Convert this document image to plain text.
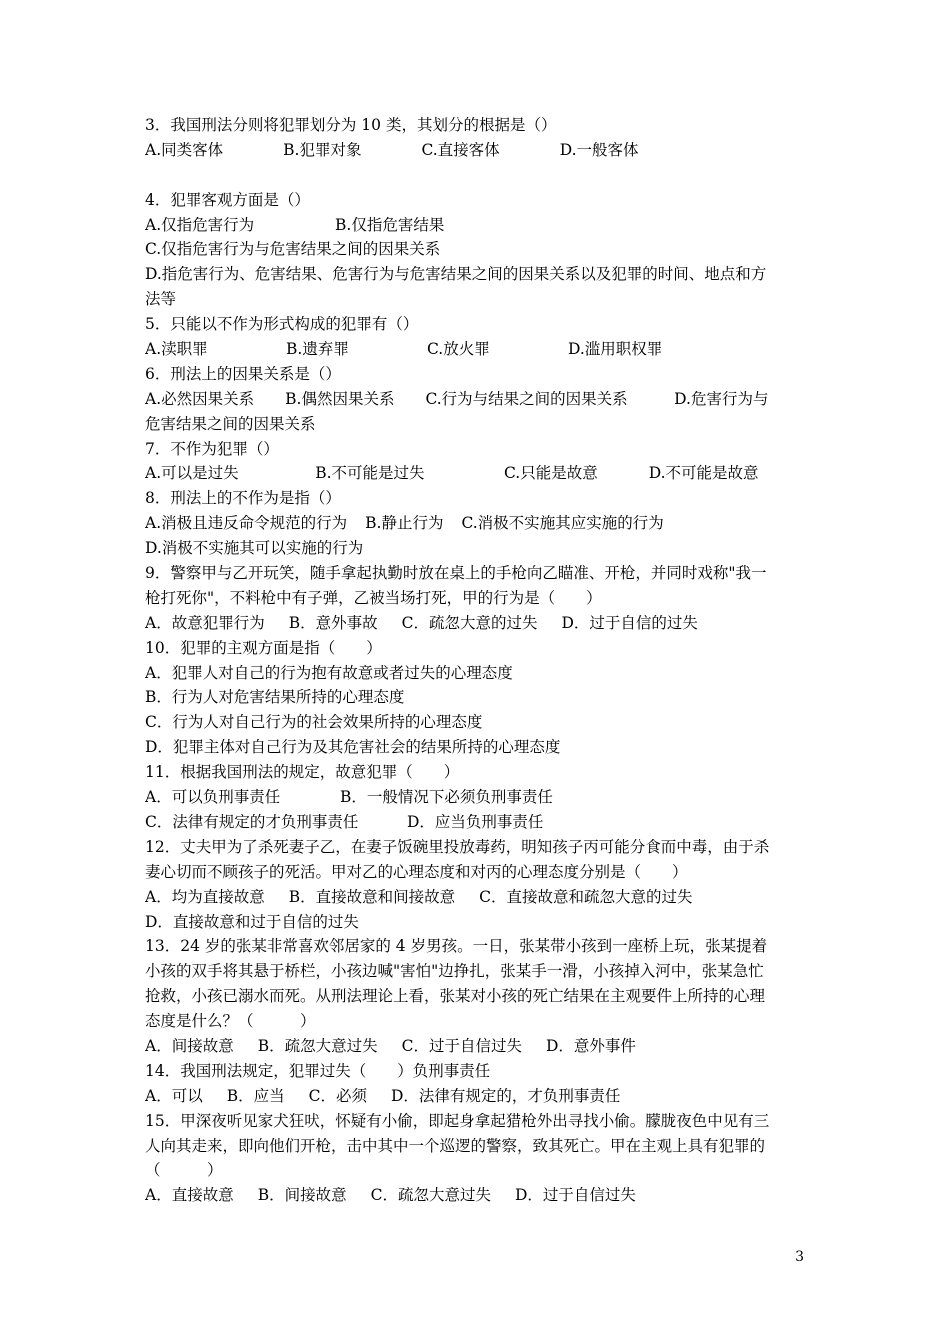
3．我国刑法分则将犯罪划分为 10 类，其划分的根据是（）
A.同类客体	B.犯罪对象	C.直接客体	D.一般客体
4．犯罪客观方面是（）
A.仅指危害行为	B.仅指危害结果
C.仅指危害行为与危害结果之间的因果关系
D.指危害行为、危害结果、危害行为与危害结果之间的因果关系以及犯罪的时间、地点和方
法等
5．只能以不作为形式构成的犯罪有（）
A.渎职罪	B.遗弃罪	C.放火罪	D.滥用职权罪
6．刑法上的因果关系是（）
A.必然因果关系　　B.偶然因果关系　　C.行为与结果之间的因果关系　　　D.危害行为与
危害结果之间的因果关系
7．不作为犯罪（）
A.可以是过失	B.不可能是过失	C.只能是故意	D.不可能是故意
8．刑法上的不作为是指（）
A.消极且违反命令规范的行为 B.静止行为 C.消极不实施其应实施的行为
D.消极不实施其可以实施的行为
9．警察甲与乙开玩笑，随手拿起执勤时放在桌上的手枪向乙瞄准、开枪，并同时戏称"我一
枪打死你"，不料枪中有子弹，乙被当场打死，甲的行为是（　　）
A．故意犯罪行为 B．意外事故 C．疏忽大意的过失 D．过于自信的过失
10．犯罪的主观方面是指（　　）
A．犯罪人对自己的行为抱有故意或者过失的心理态度
B．行为人对危害结果所持的心理态度
C．行为人对自己行为的社会效果所持的心理态度
D．犯罪主体对自己行为及其危害社会的结果所持的心理态度
11．根据我国刑法的规定，故意犯罪（　　）
A．可以负刑事责任	B．一般情况下必须负刑事责任
C．法律有规定的才负刑事责任	D．应当负刑事责任
12．丈夫甲为了杀死妻子乙，在妻子饭碗里投放毒药，明知孩子丙可能分食而中毒，由于杀
妻心切而不顾孩子的死活。甲对乙的心理态度和对丙的心理态度分别是（　　）
A．均为直接故意 B．直接故意和间接故意 C．直接故意和疏忽大意的过失
D．直接故意和过于自信的过失
13．24 岁的张某非常喜欢邻居家的 4 岁男孩。一日，张某带小孩到一座桥上玩，张某提着
小孩的双手将其悬于桥栏，小孩边喊"害怕"边挣扎，张某手一滑，小孩掉入河中，张某急忙
抢救，小孩已溺水而死。从刑法理论上看，张某对小孩的死亡结果在主观要件上所持的心理
态度是什么？（　　　）
A．间接故意 B．疏忽大意过失 C．过于自信过失 D．意外事件
14．我国刑法规定，犯罪过失（　　）负刑事责任
A．可以 B．应当 C．必须 D．法律有规定的，才负刑事责任
15．甲深夜听见家犬狂吠，怀疑有小偷，即起身拿起猎枪外出寻找小偷。朦胧夜色中见有三
人向其走来，即向他们开枪，击中其中一个巡逻的警察，致其死亡。甲在主观上具有犯罪的
（　　　）
A．直接故意 B．间接故意 C．疏忽大意过失 D．过于自信过失
3
